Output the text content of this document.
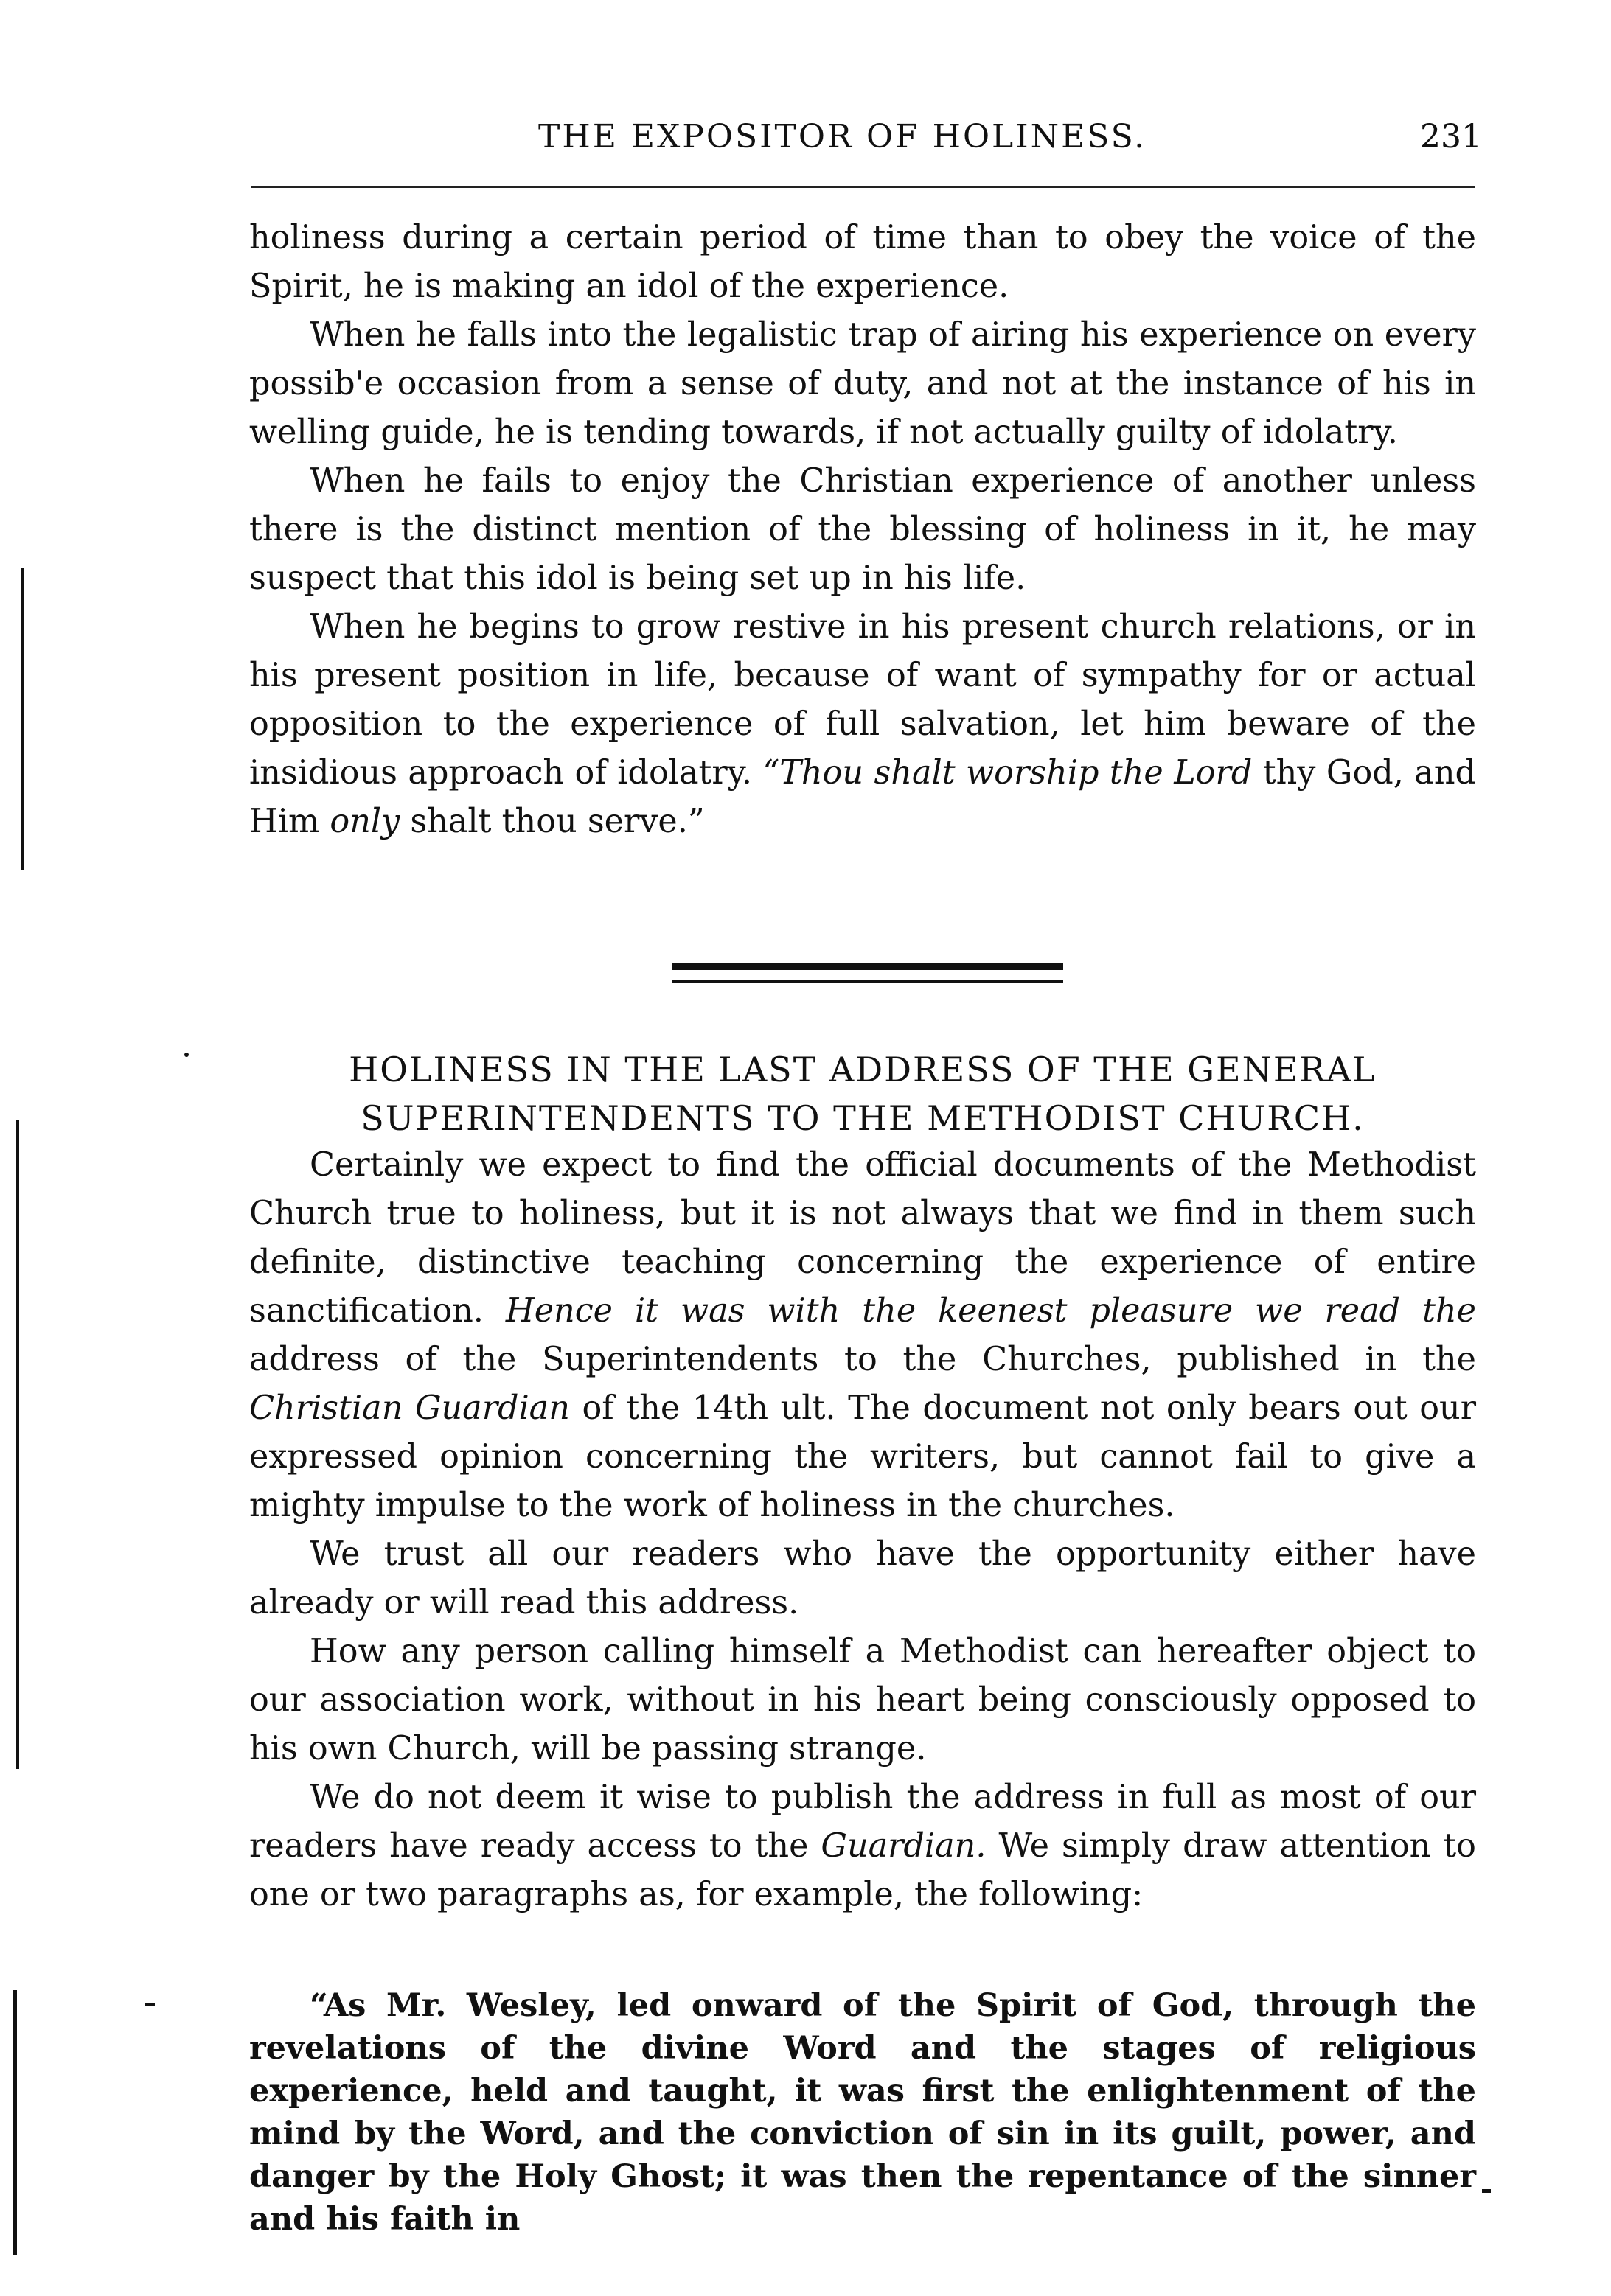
THE EXPOSITOR OF HOLINESS.	231

holiness during a certain period of time than to obey the voice of the Spirit, he is making an idol of the experience.

When he falls into the legalistic trap of airing his experience on every possib'e occasion from a sense of duty, and not at the instance of his in welling guide, he is tending towards, if not actually guilty of idolatry.

When he fails to enjoy the Christian experience of another unless there is the distinct mention of the blessing of holiness in it, he may suspect that this idol is being set up in his life.

When he begins to grow restive in his present church relations, or in his present position in life, because of want of sympathy for or actual opposition to the experience of full salvation, let him beware of the insidious approach of idolatry. “Thou shalt worship the Lord thy God, and Him only shalt thou serve.”

HOLINESS IN THE LAST ADDRESS OF THE GENERAL
SUPERINTENDENTS TO THE METHODIST CHURCH.

Certainly we expect to find the official documents of the Methodist Church true to holiness, but it is not always that we find in them such definite, distinctive teaching concerning the experience of entire sanctification. Hence it was with the keenest pleasure we read the address of the Superintendents to the Churches, published in the Christian Guardian of the 14th ult. The document not only bears out our expressed opinion concerning the writers, but cannot fail to give a mighty impulse to the work of holiness in the churches.

We trust all our readers who have the opportunity either have already or will read this address.

How any person calling himself a Methodist can hereafter object to our association work, without in his heart being consciously opposed to his own Church, will be passing strange.

We do not deem it wise to publish the address in full as most of our readers have ready access to the Guardian. We simply draw attention to one or two paragraphs as, for example, the following:

“As Mr. Wesley, led onward of the Spirit of God, through the revelations of the divine Word and the stages of religious experience, held and taught, it was first the enlightenment of the mind by the Word, and the conviction of sin in its guilt, power, and danger by the Holy Ghost; it was then the repentance of the sinner and his faith in
